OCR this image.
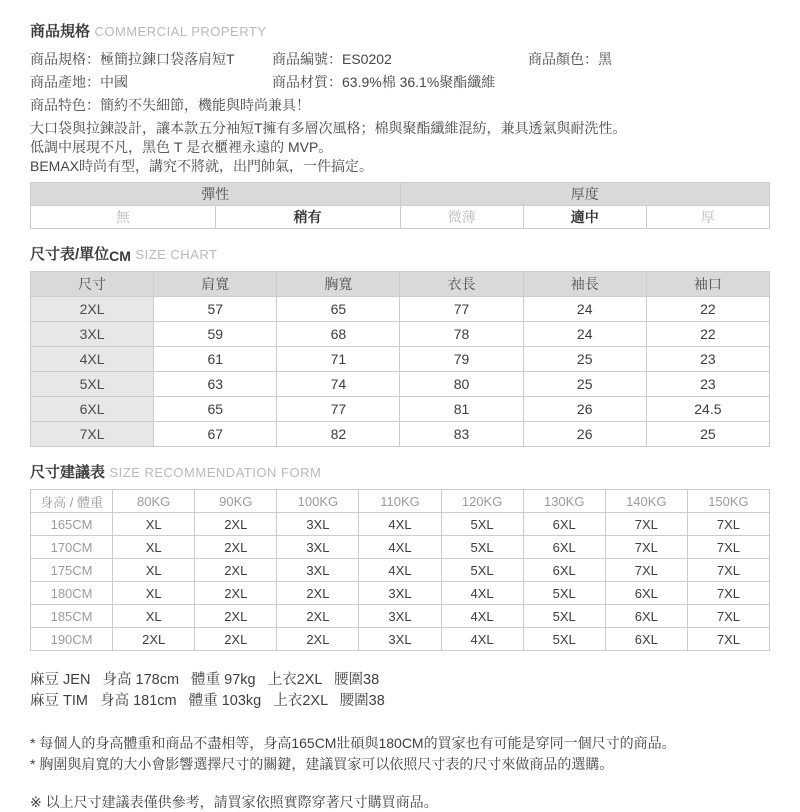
商品規格 COMMERCIAL PROPERTY
商品規格：極簡拉鍊口袋落肩短T	商品編號：ES0202	商品顏色：黑
商品產地：中國	商品材質：63.9%棉 36.1%聚酯纖維
商品特色：簡約不失細節，機能與時尚兼具！
大口袋與拉鍊設計，讓本款五分袖短T擁有多層次風格；棉與聚酯纖維混紡，兼具透氣與耐洗性。
低調中展現不凡，黑色 T 是衣櫃裡永遠的 MVP。
BEMAX時尚有型，講究不將就，出門帥氣，一件搞定。
彈性		厚度		
無	稍有	微薄	適中	厚
尺寸表/單位CM SIZE CHART
尺寸	肩寬	胸寬	衣長	袖長	袖口
2XL	57	65	77	24	22
3XL	59	68	78	24	22
4XL	61	71	79	25	23
5XL	63	74	80	25	23
6XL	65	77	81	26	24.5
7XL	67	82	83	26	25
尺寸建議表 SIZE RECOMMENDATION FORM
身高 / 體重	80KG	90KG	100KG	110KG	120KG	130KG	140KG	150KG
165CM	XL	2XL	3XL	4XL	5XL	6XL	7XL	7XL
170CM	XL	2XL	3XL	4XL	5XL	6XL	7XL	7XL
175CM	XL	2XL	3XL	4XL	5XL	6XL	7XL	7XL
180CM	XL	2XL	2XL	3XL	4XL	5XL	6XL	7XL
185CM	XL	2XL	2XL	3XL	4XL	5XL	6XL	7XL
190CM	2XL	2XL	2XL	3XL	4XL	5XL	6XL	7XL
麻豆 JEN   身高 178cm   體重 97kg   上衣2XL   腰圍38
麻豆 TIM   身高 181cm   體重 103kg   上衣2XL   腰圍38
* 每個人的身高體重和商品不盡相等，身高165CM壯碩與180CM的買家也有可能是穿同一個尺寸的商品。
* 胸圍與肩寬的大小會影響選擇尺寸的關鍵，建議買家可以依照尺寸表的尺寸來做商品的選購。
※ 以上尺寸建議表僅供參考，請買家依照實際穿著尺寸購買商品。
